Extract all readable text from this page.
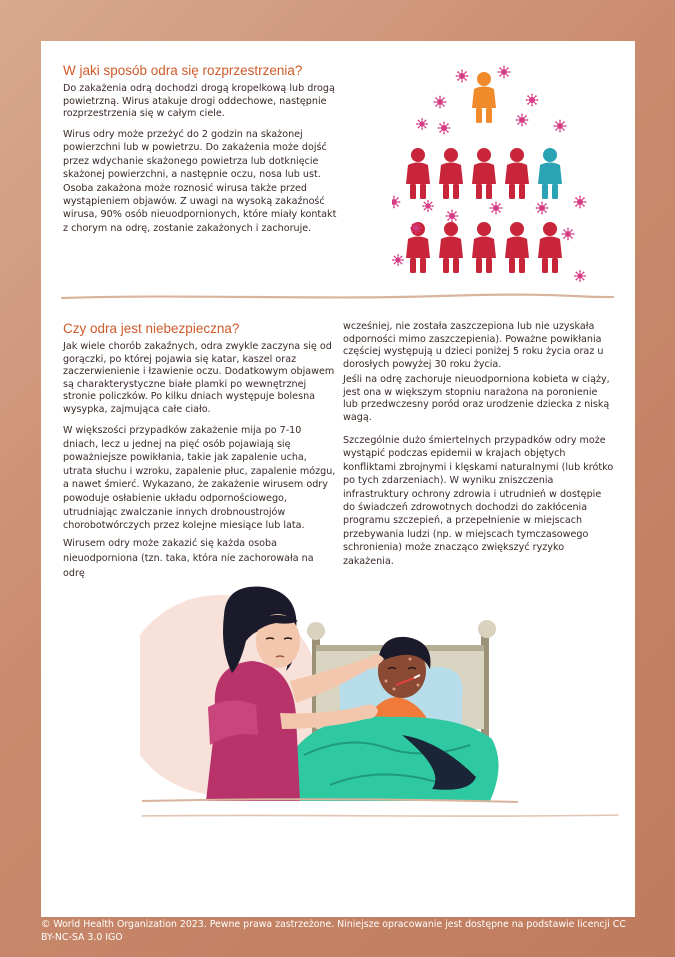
W jaki sposób odra się rozprzestrzenia?

Do zakażenia odrą dochodzi drogą kropelkową lub drogą powietrzną. Wirus atakuje drogi oddechowe, następnie rozprzestrzenia się w całym ciele.

Wirus odry może przeżyć do 2 godzin na skażonej powierzchni lub w powietrzu. Do zakażenia może dojść przez wdychanie skażonego powietrza lub dotknięcie skażonej powierzchni, a następnie oczu, nosa lub ust. Osoba zakażona może roznosić wirusa także przed wystąpieniem objawów. Z uwagi na wysoką zakaźność wirusa, 90% osób nieuodpornionych, które miały kontakt z chorym na odrę, zostanie zakażonych i zachoruje.

Czy odra jest niebezpieczna?

Jak wiele chorób zakaźnych, odra zwykle zaczyna się od gorączki, po której pojawia się katar, kaszel oraz zaczerwienienie i łzawienie oczu. Dodatkowym objawem są charakterystyczne białe plamki po wewnętrznej stronie policzków. Po kilku dniach występuje bolesna wysypka, zajmująca całe ciało.

W większości przypadków zakażenie mija po 7-10 dniach, lecz u jednej na pięć osób pojawiają się poważniejsze powikłania, takie jak zapalenie ucha, utrata słuchu i wzroku, zapalenie płuc, zapalenie mózgu, a nawet śmierć. Wykazano, że zakażenie wirusem odry powoduje osłabienie układu odpornościowego, utrudniając zwalczanie innych drobnoustrojów chorobotwórczych przez kolejne miesiące lub lata.

Wirusem odry może zakazić się każda osoba nieuodporniona (tzn. taka, która nie zachorowała na odrę

wcześniej, nie została zaszczepiona lub nie uzyskała odporności mimo zaszczepienia). Poważne powikłania częściej występują u dzieci poniżej 5 roku życia oraz u dorosłych powyżej 30 roku życia.

Jeśli na odrę zachoruje nieuodporniona kobieta w ciąży, jest ona w większym stopniu narażona na poronienie lub przedwczesny poród oraz urodzenie dziecka z niską wagą.

Szczególnie dużo śmiertelnych przypadków odry może wystąpić podczas epidemii w krajach objętych konfliktami zbrojnymi i klęskami naturalnymi (lub krótko po tych zdarzeniach). W wyniku zniszczenia infrastruktury ochrony zdrowia i utrudnień w dostępie do świadczeń zdrowotnych dochodzi do zakłócenia programu szczepień, a przepełnienie w miejscach przebywania ludzi (np. w miejscach tymczasowego schronienia) może znacząco zwiększyć ryzyko zakażenia.

© World Health Organization 2023. Pewne prawa zastrzeżone. Niniejsze opracowanie jest dostępne na podstawie licencji CC BY-NC-SA 3.0 IGO
